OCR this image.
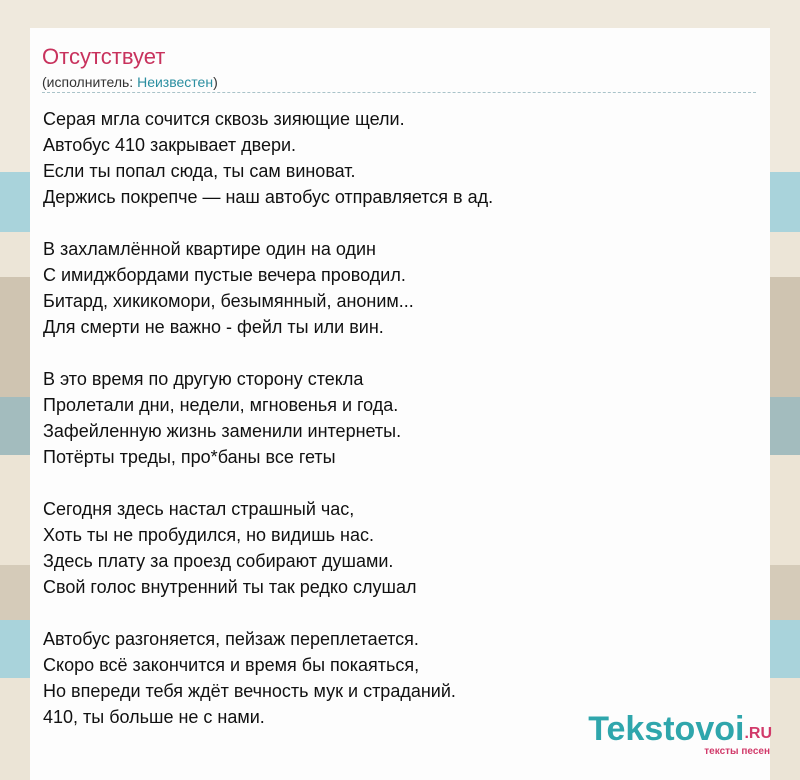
Отсутствует
(исполнитель: Неизвестен)
Серая мгла сочится сквозь зияющие щели.
Автобус 410 закрывает двери.
Если ты попал сюда, ты сам виноват.
Держись покрепче — наш автобус отправляется в ад.
В захламлённой квартире один на один
С имиджбордами пустые вечера проводил.
Битард, хикикомори, безымянный, аноним...
Для смерти не важно - фейл ты или вин.
В это время по другую сторону стекла
Пролетали дни, недели, мгновенья и года.
Зафейленную жизнь заменили интернеты.
Потёрты треды, про*баны все геты
Сегодня здесь настал страшный час,
Хоть ты не пробудился, но видишь нас.
Здесь плату за проезд собирают душами.
Свой голос внутренний ты так редко слушал
Автобус разгоняется, пейзаж переплетается.
Скоро всё закончится и время бы покаяться,
Но впереди тебя ждёт вечность мук и страданий.
410, ты больше не с нами.	Tekstovoi.RU
тексты песен
